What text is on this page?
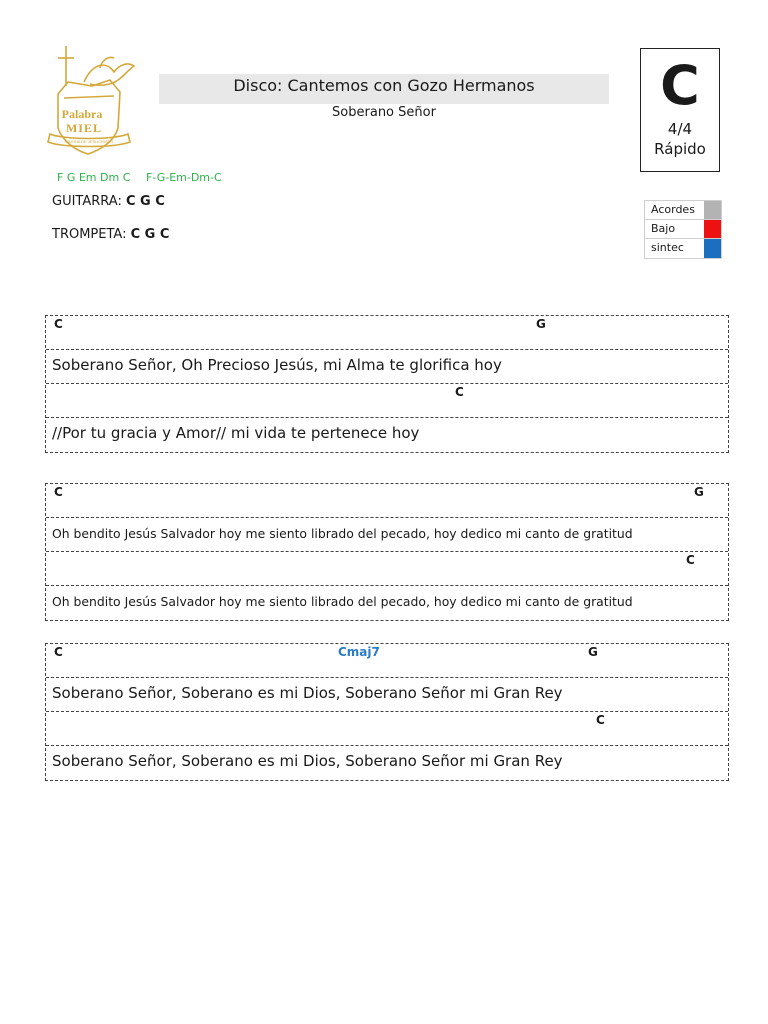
Palabra
MIEL
IGLESIA DE JESUCRISTO
Disco: Cantemos con Gozo Hermanos
Soberano Señor	C
4/4
Rápido
F G Em Dm C F-G-Em-Dm-C
GUITARRA: C G C
TROMPETA: C G C
Acordes
Bajo
sintec
C	G
Soberano Señor, Oh Precioso Jesús, mi Alma te glorifica hoy
C
//Por tu gracia y Amor// mi vida te pertenece hoy
C	G
Oh bendito Jesús Salvador hoy me siento librado del pecado, hoy dedico mi canto de gratitud
C
Oh bendito Jesús Salvador hoy me siento librado del pecado, hoy dedico mi canto de gratitud
C	Cmaj7	G
Soberano Señor, Soberano es mi Dios, Soberano Señor mi Gran Rey
C
Soberano Señor, Soberano es mi Dios, Soberano Señor mi Gran Rey
